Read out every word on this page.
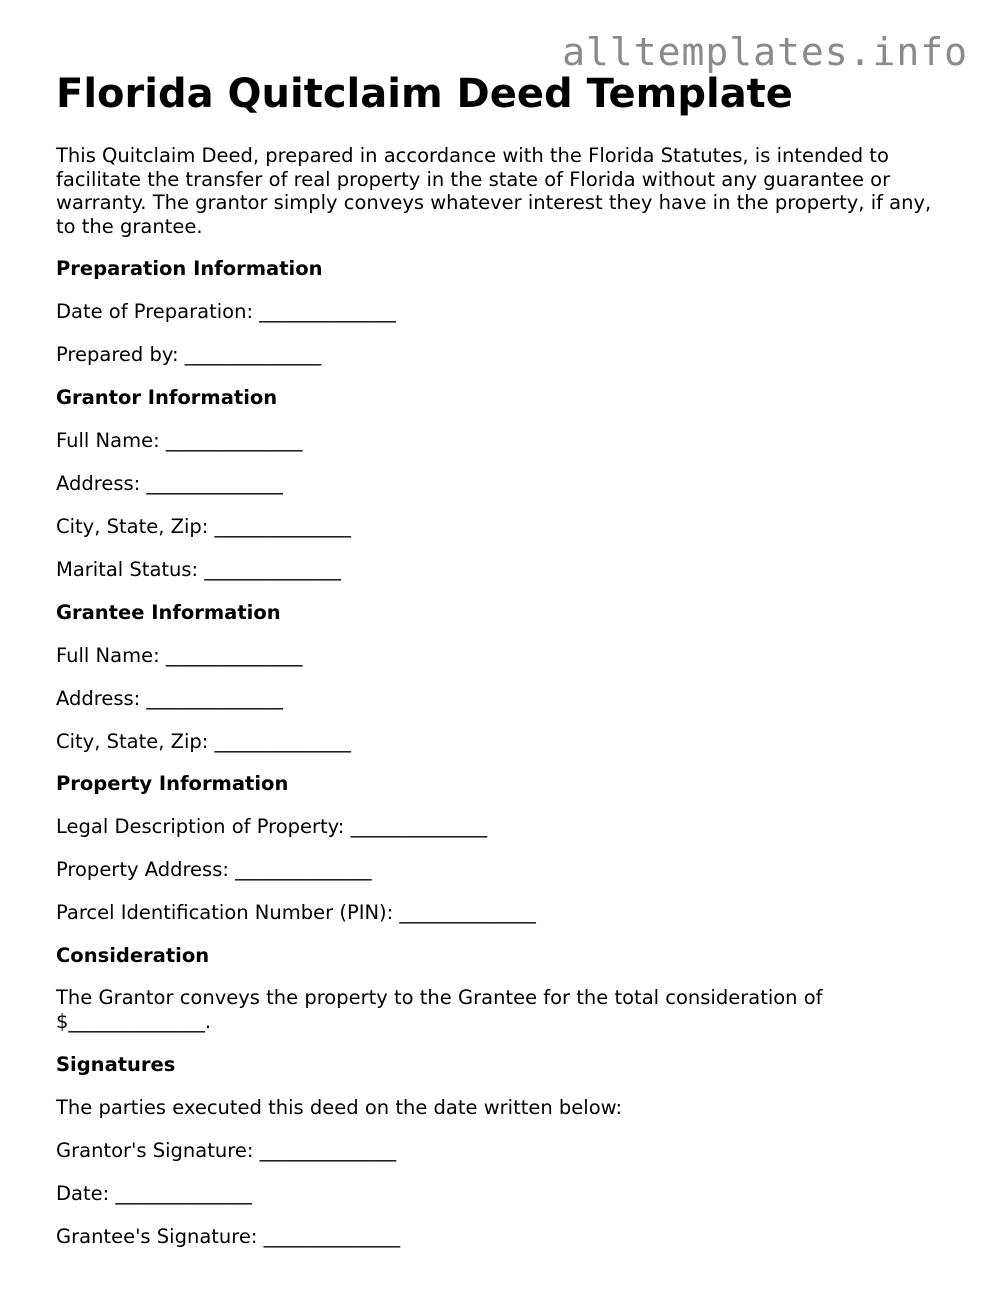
alltemplates.info
Florida Quitclaim Deed Template

This Quitclaim Deed, prepared in accordance with the Florida Statutes, is intended to facilitate the transfer of real property in the state of Florida without any guarantee or warranty. The grantor simply conveys whatever interest they have in the property, if any, to the grantee.

Preparation Information
Date of Preparation: ______________
Prepared by: ______________
Grantor Information
Full Name: ______________
Address: ______________
City, State, Zip: ______________
Marital Status: ______________
Grantee Information
Full Name: ______________
Address: ______________
City, State, Zip: ______________
Property Information
Legal Description of Property: ______________
Property Address: ______________
Parcel Identification Number (PIN): ______________
Consideration

The Grantor conveys the property to the Grantee for the total consideration of $______________.

Signatures
The parties executed this deed on the date written below:
Grantor's Signature: ______________
Date: ______________
Grantee's Signature: ______________
